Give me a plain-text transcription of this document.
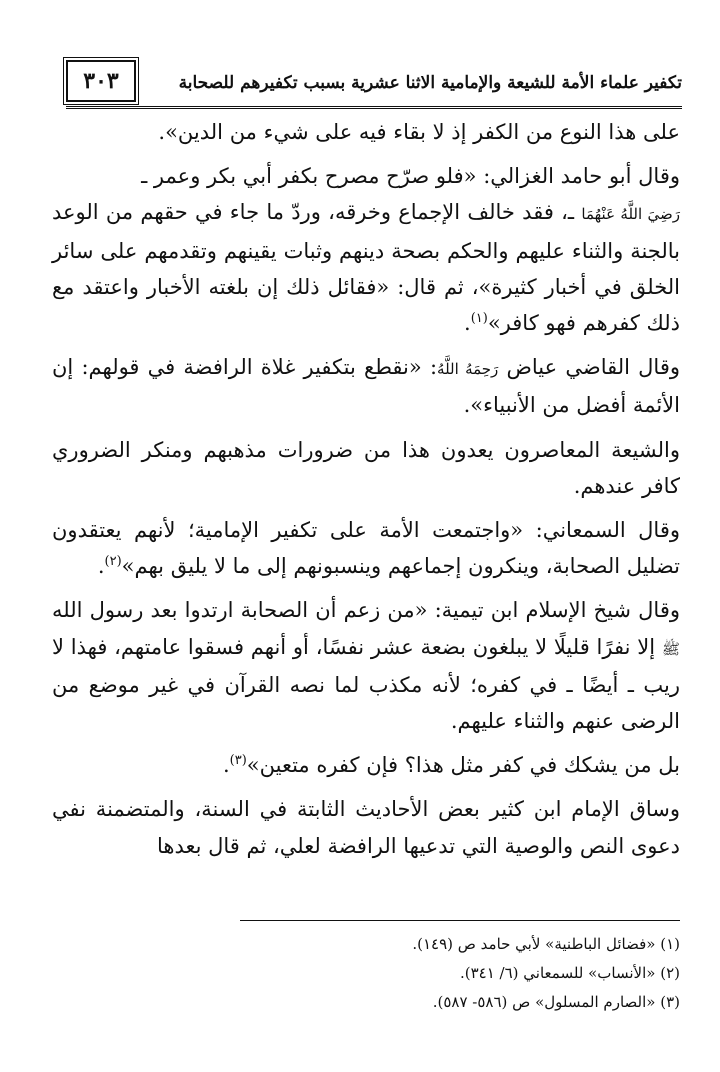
تكفير علماء الأمة للشيعة والإمامية الاثنا عشرية بسبب تكفيرهم للصحابة
٣٠٣

على هذا النوع من الكفر إذ لا بقاء فيه على شيء من الدين».

وقال أبو حامد الغزالي: «فلو صرّح مصرح بكفر أبي بكر وعمر ـ
رَضِيَ اللَّهُ عَنْهُمَا ـ، فقد خالف الإجماع وخرقه، وردّ ما جاء في حقهم من الوعد بالجنة والثناء عليهم والحكم بصحة دينهم وثبات يقينهم وتقدمهم على سائر الخلق في أخبار كثيرة»، ثم قال: «فقائل ذلك إن بلغته الأخبار واعتقد مع ذلك كفرهم فهو كافر»$^{(١)}$.

وقال القاضي عياض رَحِمَهُ اللَّهُ: «نقطع بتكفير غلاة الرافضة في قولهم: إن الأئمة أفضل من الأنبياء».

والشيعة المعاصرون يعدون هذا من ضرورات مذهبهم ومنكر الضروري كافر عندهم.

وقال السمعاني: «واجتمعت الأمة على تكفير الإمامية؛ لأنهم يعتقدون تضليل الصحابة، وينكرون إجماعهم وينسبونهم إلى ما لا يليق بهم»$^{(٢)}$.

وقال شيخ الإسلام ابن تيمية: «من زعم أن الصحابة ارتدوا بعد رسول الله ﷺ إلا نفرًا قليلًا لا يبلغون بضعة عشر نفسًا، أو أنهم فسقوا عامتهم، فهذا لا ريب ـ أيضًا ـ في كفره؛ لأنه مكذب لما نصه القرآن في غير موضع من الرضى عنهم والثناء عليهم.

بل من يشكك في كفر مثل هذا؟ فإن كفره متعين»$^{(٣)}$.

وساق الإمام ابن كثير بعض الأحاديث الثابتة في السنة، والمتضمنة نفي دعوى النص والوصية التي تدعيها الرافضة لعلي، ثم قال بعدها

(١) «فضائل الباطنية» لأبي حامد ص (١٤٩).
(٢) «الأنساب» للسمعاني (٦/ ٣٤١).
(٣) «الصارم المسلول» ص (٥٨٦- ٥٨٧).
